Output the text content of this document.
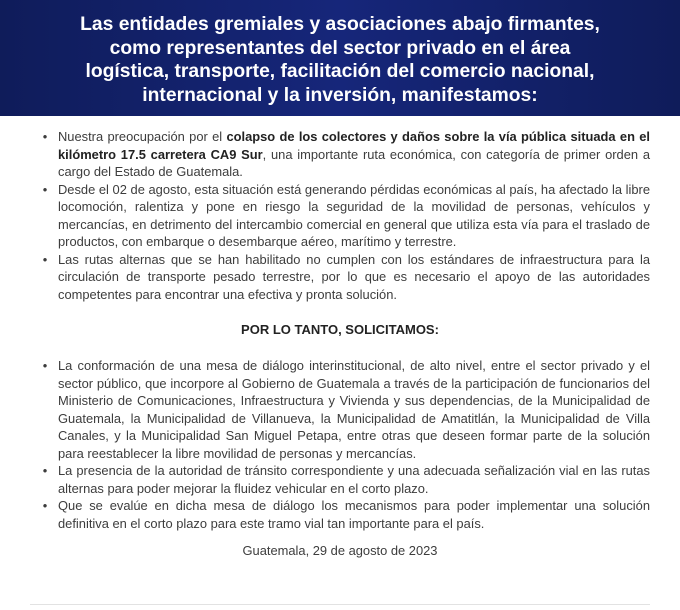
Las entidades gremiales y asociaciones abajo firmantes,
como representantes del sector privado en el área
logística, transporte, facilitación del comercio nacional,
internacional y la inversión, manifestamos:
• Nuestra preocupación por el colapso de los colectores y daños sobre la vía pública situada en el kilómetro 17.5 carretera CA9 Sur, una importante ruta económica, con categoría de primer orden a cargo del Estado de Guatemala.
• Desde el 02 de agosto, esta situación está generando pérdidas económicas al país, ha afectado la libre locomoción, ralentiza y pone en riesgo la seguridad de la movilidad de personas, vehículos y mercancías, en detrimento del intercambio comercial en general que utiliza esta vía para el traslado de productos, con embarque o desembarque aéreo, marítimo y terrestre.
• Las rutas alternas que se han habilitado no cumplen con los estándares de infraestructura para la circulación de transporte pesado terrestre, por lo que es necesario el apoyo de las autoridades competentes para encontrar una efectiva y pronta solución.
POR LO TANTO, SOLICITAMOS:
• La conformación de una mesa de diálogo interinstitucional, de alto nivel, entre el sector privado y el sector público, que incorpore al Gobierno de Guatemala a través de la participación de funcionarios del Ministerio de Comunicaciones, Infraestructura y Vivienda y sus dependencias, de la Municipalidad de Guatemala, la Municipalidad de Villanueva, la Municipalidad de Amatitlán, la Municipalidad de Villa Canales, y la Municipalidad San Miguel Petapa, entre otras que deseen formar parte de la solución para reestablecer la libre movilidad de personas y mercancías.
• La presencia de la autoridad de tránsito correspondiente y una adecuada señalización vial en las rutas alternas para poder mejorar la fluidez vehicular en el corto plazo.
• Que se evalúe en dicha mesa de diálogo los mecanismos para poder implementar una solución definitiva en el corto plazo para este tramo vial tan importante para el país.
Guatemala, 29 de agosto de 2023
